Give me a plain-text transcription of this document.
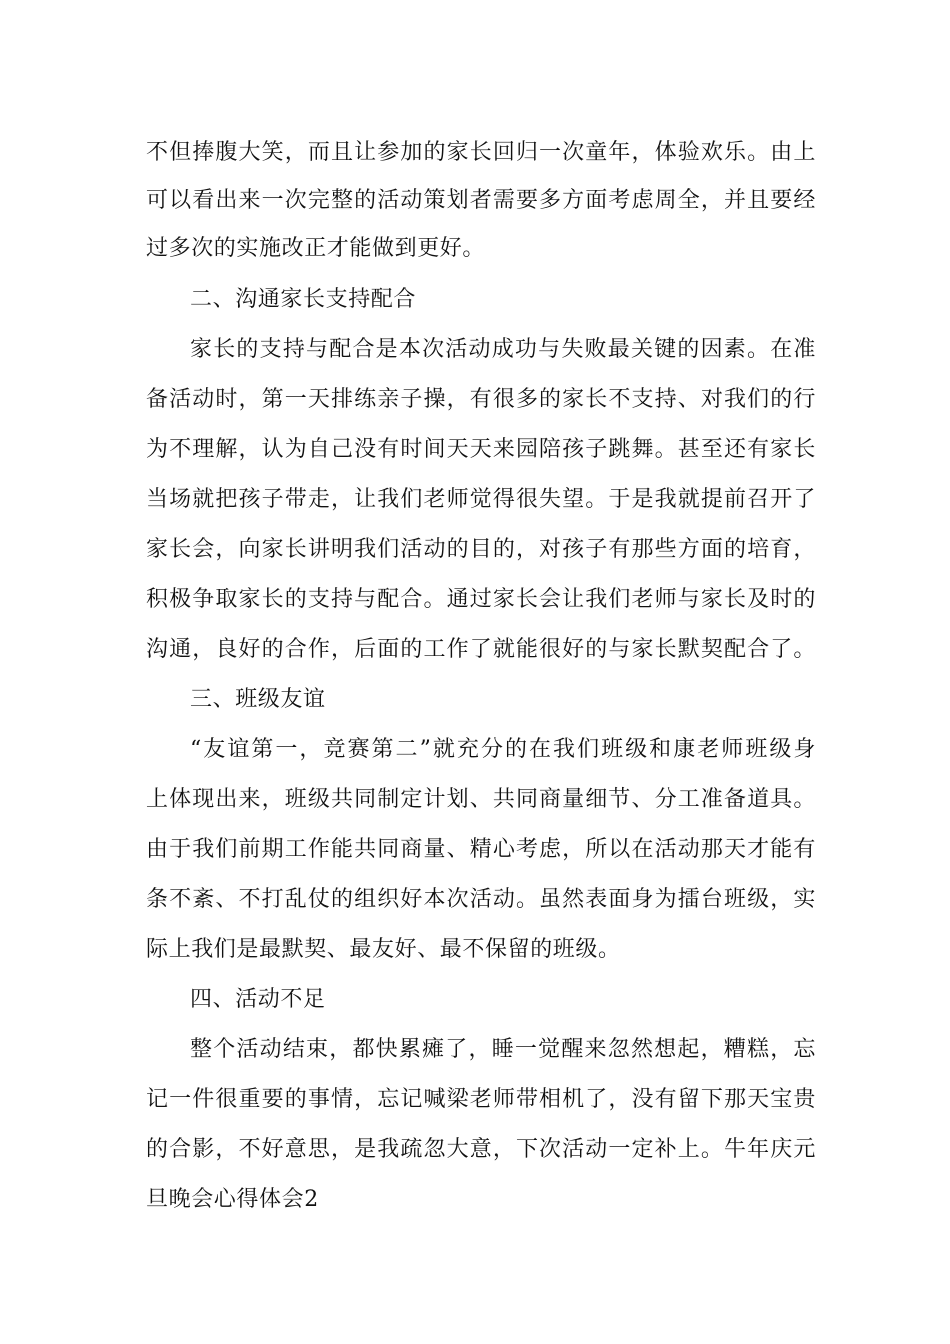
不但捧腹大笑，而且让参加的家长回归一次童年，体验欢乐。由上
可以看出来一次完整的活动策划者需要多方面考虑周全，并且要经
过多次的实施改正才能做到更好。
二、沟通家长支持配合
家长的支持与配合是本次活动成功与失败最关键的因素。在准
备活动时，第一天排练亲子操，有很多的家长不支持、对我们的行
为不理解，认为自己没有时间天天来园陪孩子跳舞。甚至还有家长
当场就把孩子带走，让我们老师觉得很失望。于是我就提前召开了
家长会，向家长讲明我们活动的目的，对孩子有那些方面的培育，
积极争取家长的支持与配合。通过家长会让我们老师与家长及时的
沟通，良好的合作，后面的工作了就能很好的与家长默契配合了。
三、班级友谊
“友谊第一，竞赛第二”就充分的在我们班级和康老师班级身
上体现出来，班级共同制定计划、共同商量细节、分工准备道具。
由于我们前期工作能共同商量、精心考虑，所以在活动那天才能有
条不紊、不打乱仗的组织好本次活动。虽然表面身为擂台班级，实
际上我们是最默契、最友好、最不保留的班级。
四、活动不足
整个活动结束，都快累瘫了，睡一觉醒来忽然想起，糟糕，忘
记一件很重要的事情，忘记喊梁老师带相机了，没有留下那天宝贵
的合影，不好意思，是我疏忽大意，下次活动一定补上。牛年庆元
旦晚会心得体会2
